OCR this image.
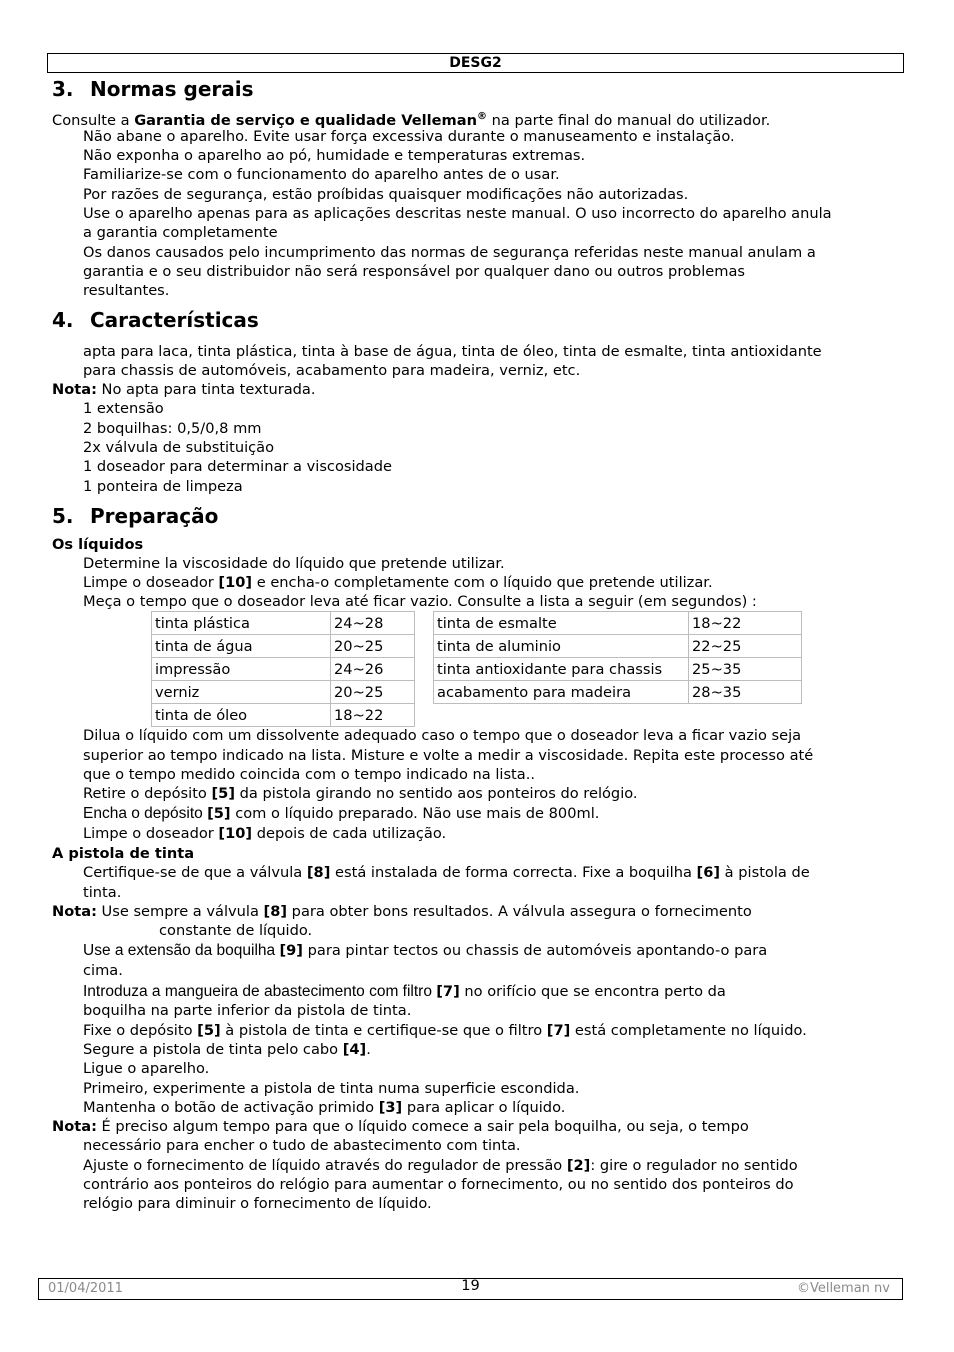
DESG2
3. Normas gerais
Consulte a Garantia de serviço e qualidade Velleman® na parte final do manual do utilizador.
Não abane o aparelho. Evite usar força excessiva durante o manuseamento e instalação.
Não exponha o aparelho ao pó, humidade e temperaturas extremas.
Familiarize-se com o funcionamento do aparelho antes de o usar.
Por razões de segurança, estão proíbidas quaisquer modificações não autorizadas.
Use o aparelho apenas para as aplicações descritas neste manual. O uso incorrecto do aparelho anula
a garantia completamente
Os danos causados pelo incumprimento das normas de segurança referidas neste manual anulam a
garantia e o seu distribuidor não será responsável por qualquer dano ou outros problemas
resultantes.
4. Características
apta para laca, tinta plástica, tinta à base de água, tinta de óleo, tinta de esmalte, tinta antioxidante
para chassis de automóveis, acabamento para madeira, verniz, etc.
Nota: No apta para tinta texturada.
1 extensão
2 boquilhas: 0,5/0,8 mm
2x válvula de substituição
1 doseador para determinar a viscosidade
1 ponteira de limpeza
5. Preparação
Os líquidos
Determine la viscosidade do líquido que pretende utilizar.
Limpe o doseador [10] e encha-o completamente com o líquido que pretende utilizar.
Meça o tempo que o doseador leva até ficar vazio. Consulte a lista a seguir (em segundos) :
tinta plástica	24~28
tinta de água	20~25
impressão	24~26
verniz	20~25
tinta de óleo	18~22
tinta de esmalte	18~22
tinta de aluminio	22~25
tinta antioxidante para chassis	25~35
acabamento para madeira	28~35
Dilua o líquido com um dissolvente adequado caso o tempo que o doseador leva a ficar vazio seja
superior ao tempo indicado na lista. Misture e volte a medir a viscosidade. Repita este processo até
que o tempo medido coincida com o tempo indicado na lista..
Retire o depósito [5] da pistola girando no sentido aos ponteiros do relógio.
Encha o depósito [5] com o líquido preparado. Não use mais de 800ml.
Limpe o doseador [10] depois de cada utilização.
A pistola de tinta
Certifique-se de que a válvula [8] está instalada de forma correcta. Fixe a boquilha [6] à pistola de
tinta.
Nota: Use sempre a válvula [8] para obter bons resultados. A válvula assegura o fornecimento
constante de líquido.
Use a extensão da boquilha [9] para pintar tectos ou chassis de automóveis apontando-o para
cima.
Introduza a mangueira de abastecimento com filtro [7] no orifício que se encontra perto da
boquilha na parte inferior da pistola de tinta.
Fixe o depósito [5] à pistola de tinta e certifique-se que o filtro [7] está completamente no líquido.
Segure a pistola de tinta pelo cabo [4].
Ligue o aparelho.
Primeiro, experimente a pistola de tinta numa superficie escondida.
Mantenha o botão de activação primido [3] para aplicar o líquido.
Nota: É preciso algum tempo para que o líquido comece a sair pela boquilha, ou seja, o tempo
necessário para encher o tudo de abastecimento com tinta.
Ajuste o fornecimento de líquido através do regulador de pressão [2]: gire o regulador no sentido
contrário aos ponteiros do relógio para aumentar o fornecimento, ou no sentido dos ponteiros do
relógio para diminuir o fornecimento de líquido.
01/04/2011	19	©Velleman nv
